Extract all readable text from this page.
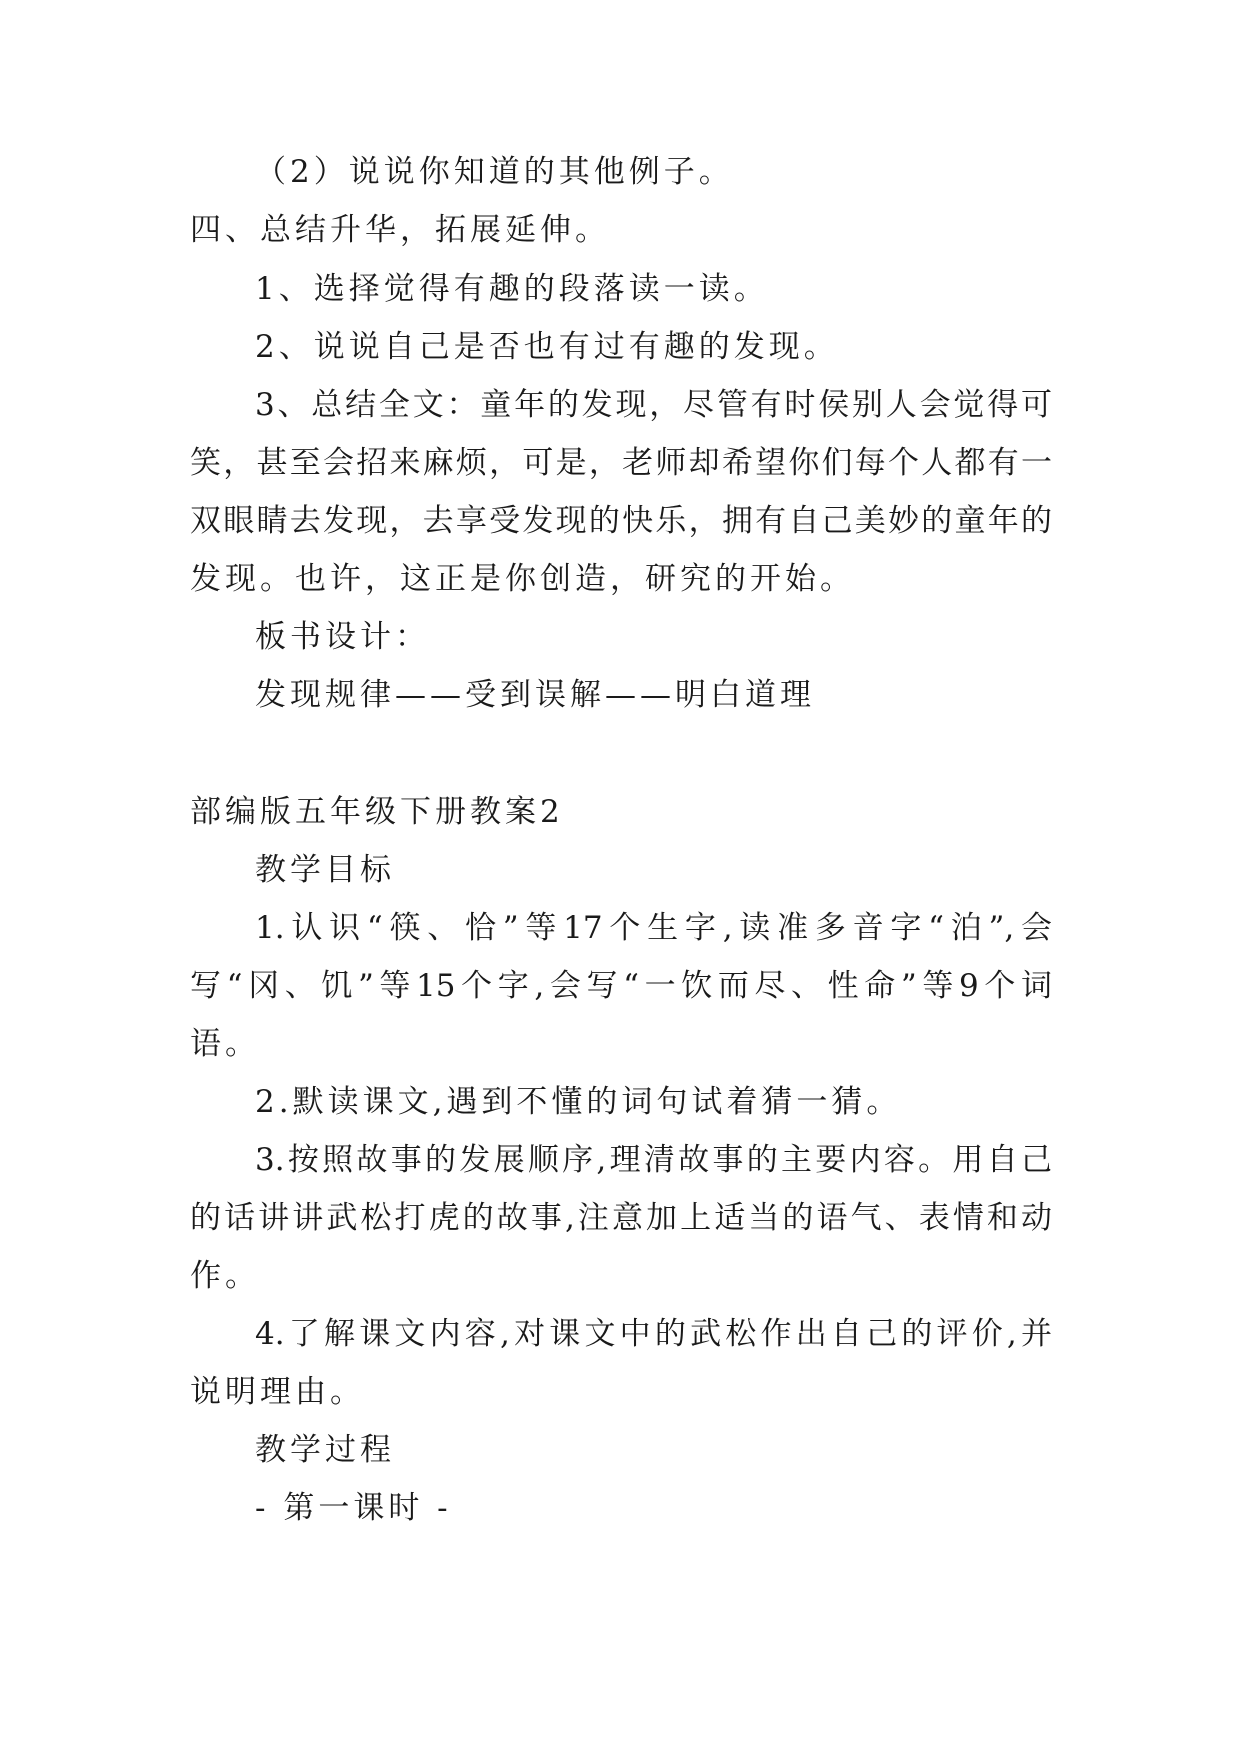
（2）说说你知道的其他例子。
四、总结升华，拓展延伸。
1、选择觉得有趣的段落读一读。
2、说说自己是否也有过有趣的发现。
3、总结全文：童年的发现，尽管有时侯别人会觉得可
笑，甚至会招来麻烦，可是，老师却希望你们每个人都有一
双眼睛去发现，去享受发现的快乐，拥有自己美妙的童年的
发现。也许，这正是你创造，研究的开始。
板书设计：
发现规律——受到误解——明白道理
部编版五年级下册教案2
教学目标
1.认识“筷、恰”等17个生字,读准多音字“泊”,会
写“冈、饥”等15个字,会写“一饮而尽、性命”等9个词
语。
2.默读课文,遇到不懂的词句试着猜一猜。
3.按照故事的发展顺序,理清故事的主要内容。用自己
的话讲讲武松打虎的故事,注意加上适当的语气、表情和动
作。
4.了解课文内容,对课文中的武松作出自己的评价,并
说明理由。
教学过程
- 第一课时 -
